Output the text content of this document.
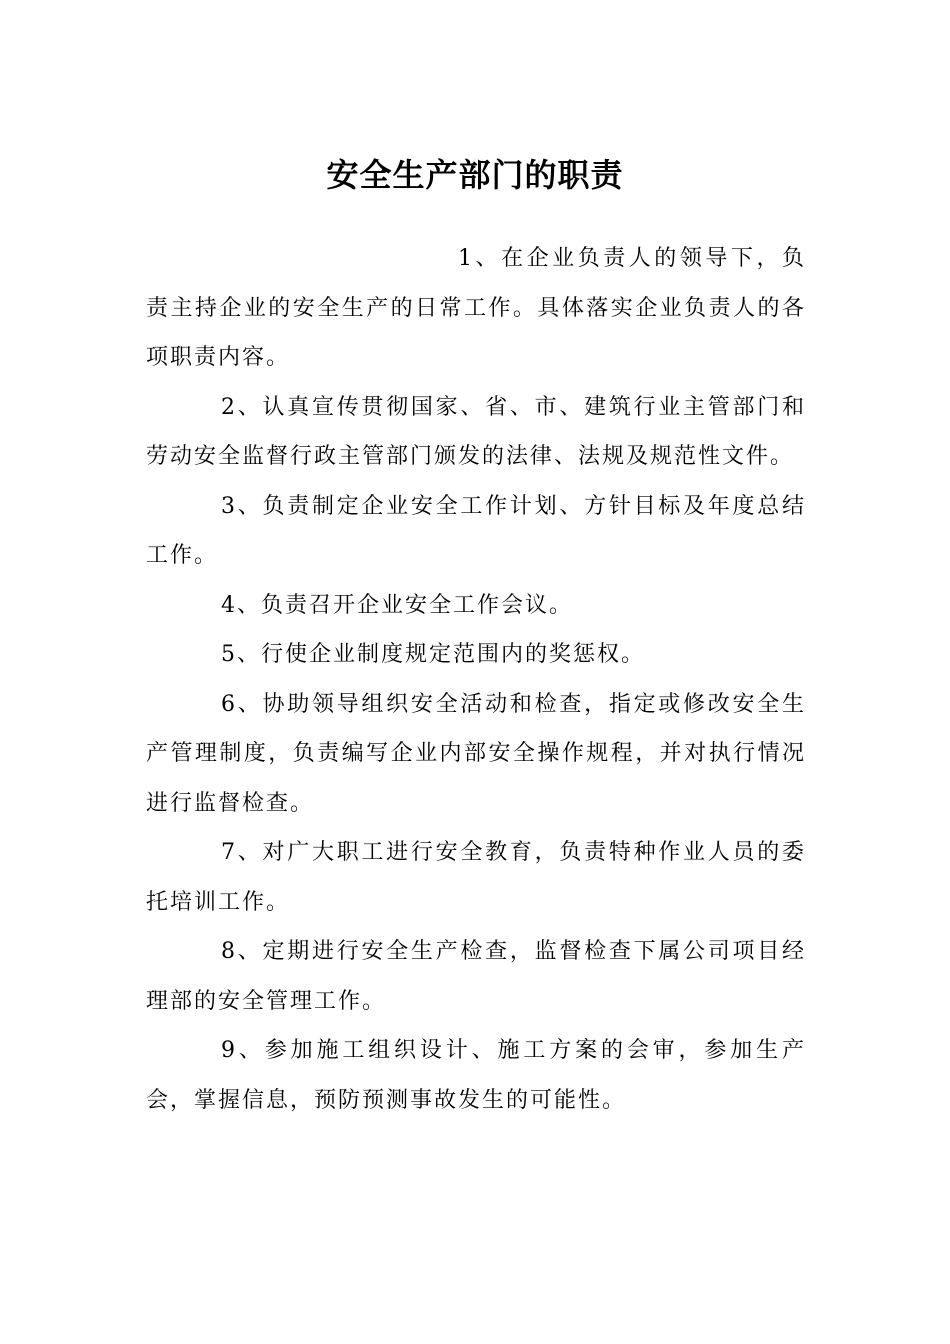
安全生产部门的职责

1、在企业负责人的领导下，负责主持企业的安全生产的日常工作。具体落实企业负责人的各项职责内容。

2、认真宣传贯彻国家、省、市、建筑行业主管部门和劳动安全监督行政主管部门颁发的法律、法规及规范性文件。

3、负责制定企业安全工作计划、方针目标及年度总结工作。

4、负责召开企业安全工作会议。

5、行使企业制度规定范围内的奖惩权。

6、协助领导组织安全活动和检查，指定或修改安全生产管理制度，负责编写企业内部安全操作规程，并对执行情况进行监督检查。

7、对广大职工进行安全教育，负责特种作业人员的委托培训工作。

8、定期进行安全生产检查，监督检查下属公司项目经理部的安全管理工作。

9、参加施工组织设计、施工方案的会审，参加生产会，掌握信息，预防预测事故发生的可能性。
